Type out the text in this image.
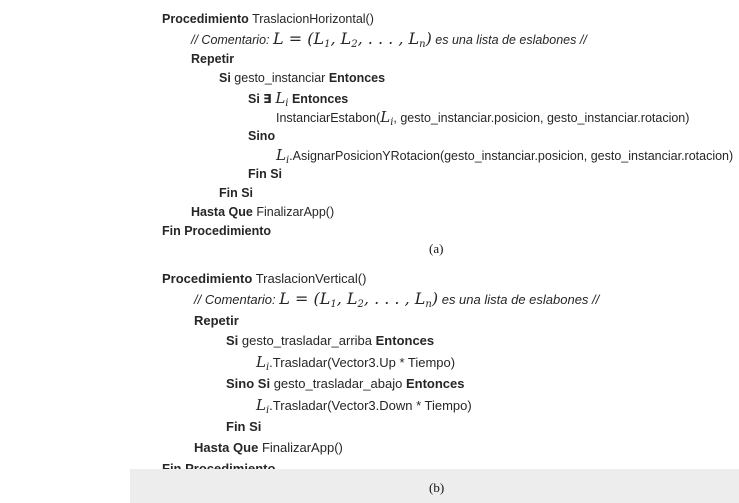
Procedimiento TraslacionHorizontal()
// Comentario: $L = (L_1$, $L_2$, . . . , $L_n$) es una lista de eslabones //
Repetir
Si gesto_instanciar Entonces
Si ∃ $L_i$ Entonces
$InstanciarEstabon(L_i$, gesto_instanciar.posicion, gesto_instanciar.rotacion)
Sino
$L_i.AsignarPosicionYRotacion(gesto\_instanciar.posicion$, gesto_instanciar.rotacion)
Fin Si
Fin Si
Hasta Que FinalizarApp()
Fin Procedimiento
(a)
Procedimiento TraslacionVertical()
// Comentario: $L = (L_1$, $L_2$, . . . , $L_n$) es una lista de eslabones //
Repetir
Si gesto_trasladar_arriba Entonces
$L_i.Trasladar(Vector3.Up$ * Tiempo)
Sino Si gesto_trasladar_abajo Entonces
$L_i.Trasladar(Vector3.Down$ * Tiempo)
Fin Si
Hasta Que FinalizarApp()
(b)
